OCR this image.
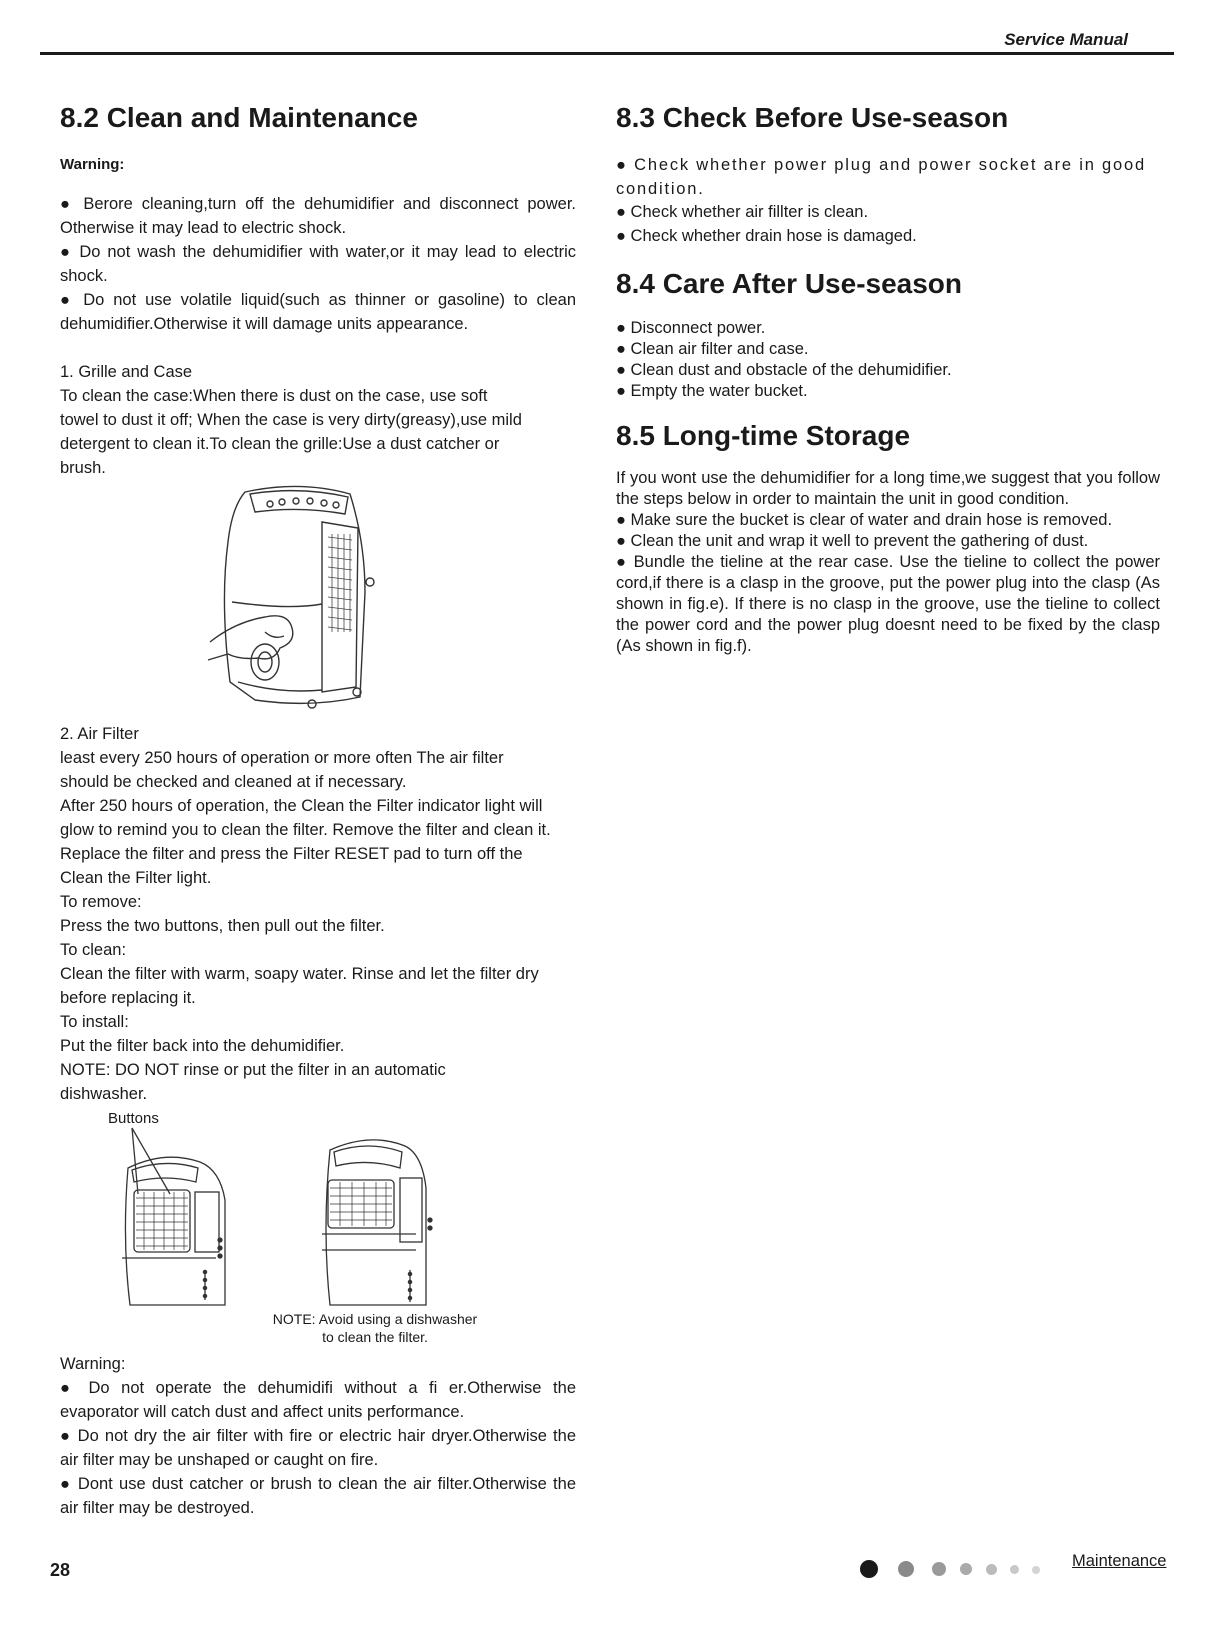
Service Manual
8.2 Clean and Maintenance
Warning:

● Berore cleaning,turn off the dehumidifier and disconnect power. Otherwise it may lead to electric shock.

● Do not wash the dehumidifier with water,or it may lead to electric shock.

● Do not use volatile liquid(such as thinner or gasoline) to clean dehumidifier.Otherwise it will damage units appearance.

1. Grille and Case

To clean the case:When there is dust on the case, use soft towel to dust it off; When the case is very dirty(greasy),use mild detergent to clean it.To clean the grille:Use a dust catcher or brush.

2. Air Filter

least every 250 hours of operation or more often The air filter should be checked and cleaned at if necessary.

After 250 hours of operation, the Clean the Filter indicator light will glow to remind you to clean the filter. Remove the filter and clean it. Replace the filter and press the Filter RESET pad to turn off the Clean the Filter light.

To remove:

Press the two buttons, then pull out the filter.

To clean:

Clean the filter with warm, soapy water. Rinse and let the filter dry before replacing it.

To install:

Put the filter back into the dehumidifier.

NOTE: DO NOT rinse or put the filter in an automatic dishwasher.

Buttons
NOTE: Avoid using a dishwasher
to clean the filter.

Warning:

● Do not operate the dehumidifi without a fi er.Otherwise the evaporator will catch dust and affect units performance.

● Do not dry the air filter with fire or electric hair dryer.Otherwise the air filter may be unshaped or caught on fire.

● Dont use dust catcher or brush to clean the air filter.Otherwise the air filter may be destroyed.

8.3 Check Before Use-season

● Check whether power plug and power socket are in good condition.

● Check whether air fillter is clean.

● Check whether drain hose is damaged.

8.4 Care After Use-season

● Disconnect power.

● Clean air filter and case.

● Clean dust and obstacle of the dehumidifier.

● Empty the water bucket.

8.5 Long-time Storage

If you wont use the dehumidifier for a long time,we suggest that you follow the steps below in order to maintain the unit in good condition.

● Make sure the bucket is clear of water and drain hose is removed.

● Clean the unit and wrap it well to prevent the gathering of dust.

● Bundle the tieline at the rear case. Use the tieline to collect the power cord,if there is a clasp in the groove, put the power plug into the clasp (As shown in fig.e). If there is no clasp in the groove, use the tieline to collect the power cord and the power plug doesnt need to be fixed by the clasp (As shown in fig.f).

28	Maintenance
